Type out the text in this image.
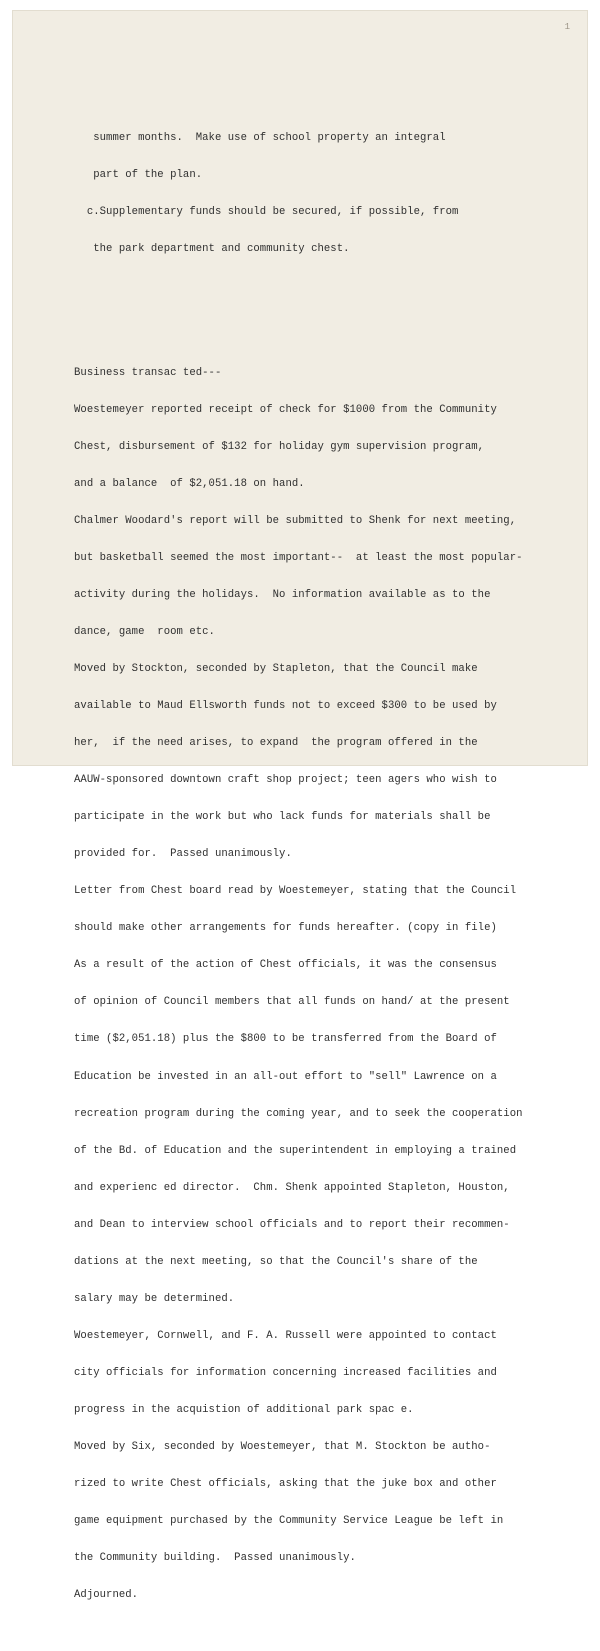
1

summer months.  Make use of school property an integral

part of the plan.

c.Supplementary funds should be secured, if possible, from

the park department and community chest.

Business transac ted---

Woestemeyer reported receipt of check for $1000 from the Community

Chest, disbursement of $132 for holiday gym supervision program,

and a balance  of $2,051.18 on hand.

Chalmer Woodard's report will be submitted to Shenk for next meeting,

but basketball seemed the most important--  at least the most popular-

activity during the holidays.  No information available as to the

dance, game  room etc.

Moved by Stockton, seconded by Stapleton, that the Council make

available to Maud Ellsworth funds not to exceed $300 to be used by

her,  if the need arises, to expand  the program offered in the

AAUW-sponsored downtown craft shop project; teen agers who wish to

participate in the work but who lack funds for materials shall be

provided for.  Passed unanimously.

Letter from Chest board read by Woestemeyer, stating that the Council

should make other arrangements for funds hereafter. (copy in file)

As a result of the action of Chest officials, it was the consensus

of opinion of Council members that all funds on hand/ at the present

time ($2,051.18) plus the $800 to be transferred from the Board of

Education be invested in an all-out effort to "sell" Lawrence on a

recreation program during the coming year, and to seek the cooperation

of the Bd. of Education and the superintendent in employing a trained

and experienc ed director.  Chm. Shenk appointed Stapleton, Houston,

and Dean to interview school officials and to report their recommen-

dations at the next meeting, so that the Council's share of the

salary may be determined.

Woestemeyer, Cornwell, and F. A. Russell were appointed to contact

city officials for information concerning increased facilities and

progress in the acquistion of additional park spac e.

Moved by Six, seconded by Woestemeyer, that M. Stockton be autho-

rized to write Chest officials, asking that the juke box and other

game equipment purchased by the Community Service League be left in

the Community building.  Passed unanimously.

Adjourned.
